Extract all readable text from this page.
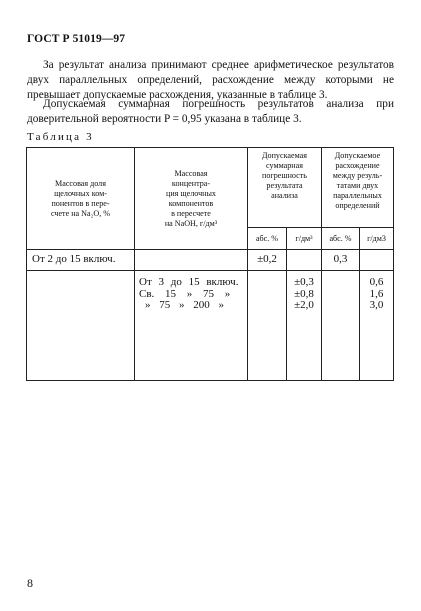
ГОСТ Р 51019—97
За результат анализа принимают среднее арифметическое результатов двух параллельных определений, расхождение между которыми не превышает допускаемые расхождения, указанные в таблице 3.
Допускаемая суммарная погрешность результатов анализа при доверительной вероятности P = 0,95 указана в таблице 3.
Таблица 3
Массовая доля
щелочных ком-
понентов в пере-
счете на Na₂O, %
Массовая
концентра-
ция щелочных
компонентов
в пересчете
на NaOH, г/дм³
Допускаемая
суммарная
погрешность
результата
анализа
Допускаемое
расхождение
между резуль-
татами двух
параллельных
определений
абс. % г/дм³ абс. % г/дм3
От 2 до 15 включ.	±0,2	0,3
От 3 до 15 включ.
Св. 15 » 75 »
» 75 » 200 »
±0,3
±0,8
±2,0
0,6
1,6
3,0
8
